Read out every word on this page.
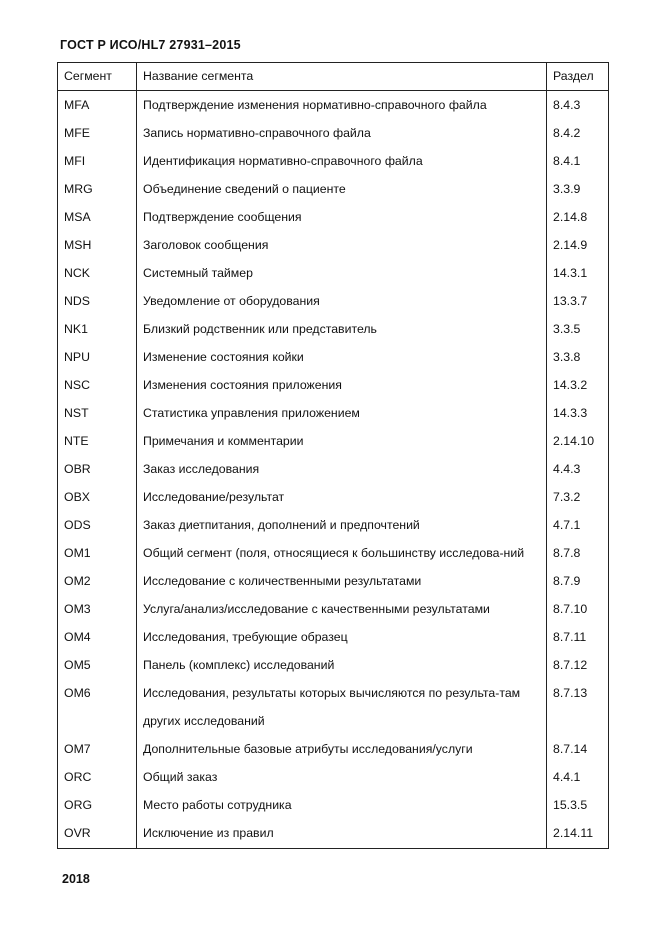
ГОСТ Р ИСО/HL7 27931–2015
Сегмент	Название сегмента	Раздел
MFA	Подтверждение изменения нормативно-справочного файла	8.4.3
MFE	Запись нормативно-справочного файла	8.4.2
MFI	Идентификация нормативно-справочного файла	8.4.1
MRG	Объединение сведений о пациенте	3.3.9
MSA	Подтверждение сообщения	2.14.8
MSH	Заголовок сообщения	2.14.9
NCK	Системный таймер	14.3.1
NDS	Уведомление от оборудования	13.3.7
NK1	Близкий родственник или представитель	3.3.5
NPU	Изменение состояния койки	3.3.8
NSC	Изменения состояния приложения	14.3.2
NST	Статистика управления приложением	14.3.3
NTE	Примечания и комментарии	2.14.10
OBR	Заказ исследования	4.4.3
OBX	Исследование/результат	7.3.2
ODS	Заказ диетпитания, дополнений и предпочтений	4.7.1
OM1	Общий сегмент (поля, относящиеся к большинству исследова-ний	8.7.8
OM2	Исследование с количественными результатами	8.7.9
OM3	Услуга/анализ/исследование с качественными результатами	8.7.10
OM4	Исследования, требующие образец	8.7.11
OM5	Панель (комплекс) исследований	8.7.12
OM6	Исследования, результаты которых вычисляются по результа-там других исследований	8.7.13
OM7	Дополнительные базовые атрибуты исследования/услуги	8.7.14
ORC	Общий заказ	4.4.1
ORG	Место работы сотрудника	15.3.5
OVR	Исключение из правил	2.14.11
2018
